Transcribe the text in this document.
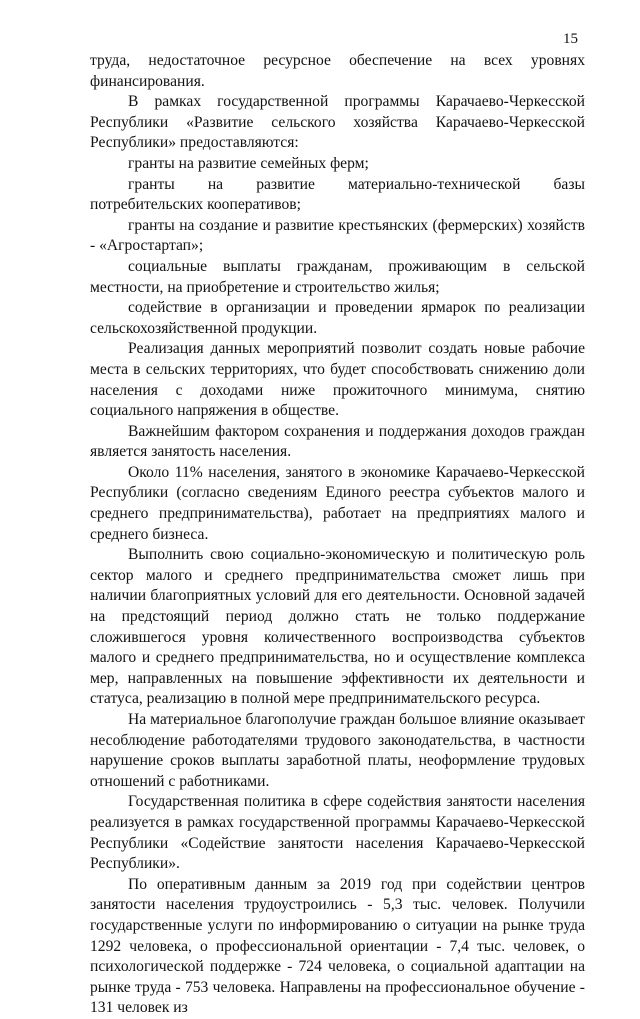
15

труда, недостаточное ресурсное обеспечение на всех уровнях финансирования.

В рамках государственной программы Карачаево-Черкесской Республики «Развитие сельского хозяйства Карачаево-Черкесской Республики» предоставляются:

гранты на развитие семейных ферм;

гранты на развитие материально-технической базы потребительских кооперативов;

гранты на создание и развитие крестьянских (фермерских) хозяйств - «Агростартап»;

социальные выплаты гражданам, проживающим в сельской местности, на приобретение и строительство жилья;

содействие в организации и проведении ярмарок по реализации сельскохозяйственной продукции.

Реализация данных мероприятий позволит создать новые рабочие места в сельских территориях, что будет способствовать снижению доли населения с доходами ниже прожиточного минимума, снятию социального напряжения в обществе.

Важнейшим фактором сохранения и поддержания доходов граждан является занятость населения.

Около 11% населения, занятого в экономике Карачаево-Черкесской Республики (согласно сведениям Единого реестра субъектов малого и среднего предпринимательства), работает на предприятиях малого и среднего бизнеса.

Выполнить свою социально-экономическую и политическую роль сектор малого и среднего предпринимательства сможет лишь при наличии благоприятных условий для его деятельности. Основной задачей на предстоящий период должно стать не только поддержание сложившегося уровня количественного воспроизводства субъектов малого и среднего предпринимательства, но и осуществление комплекса мер, направленных на повышение эффективности их деятельности и статуса, реализацию в полной мере предпринимательского ресурса.

На материальное благополучие граждан большое влияние оказывает несоблюдение работодателями трудового законодательства, в частности нарушение сроков выплаты заработной платы, неоформление трудовых отношений с работниками.

Государственная политика в сфере содействия занятости населения реализуется в рамках государственной программы Карачаево-Черкесской Республики «Содействие занятости населения Карачаево-Черкесской Республики».

По оперативным данным за 2019 год при содействии центров занятости населения трудоустроились - 5,3 тыс. человек. Получили государственные услуги по информированию о ситуации на рынке труда 1292 человека, о профессиональной ориентации - 7,4 тыс. человек, о психологической поддержке - 724 человека, о социальной адаптации на рынке труда - 753 человека. Направлены на профессиональное обучение - 131 человек из
